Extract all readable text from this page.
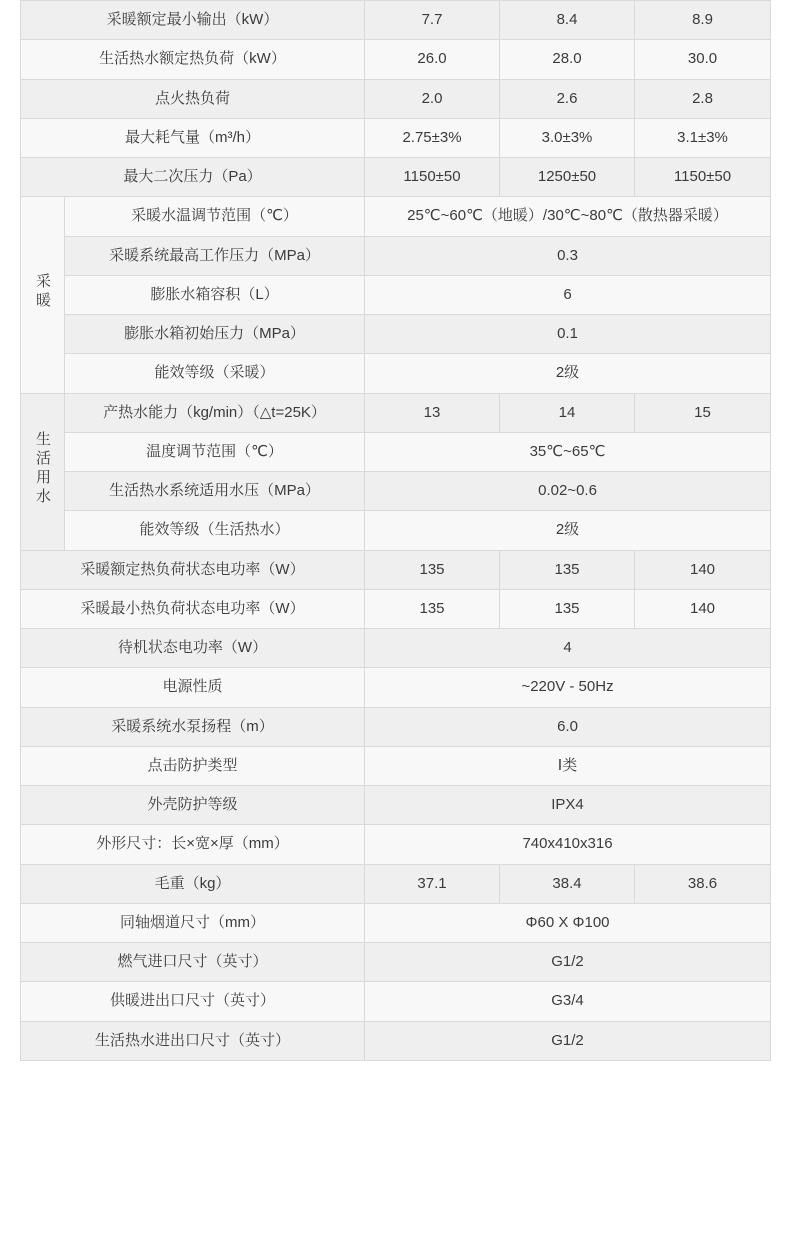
采暖额定最小输出（kW）		7.7	8.4	8.9
生活热水额定热负荷（kW）		26.0	28.0	30.0
点火热负荷		2.0	2.6	2.8
最大耗气量（m³/h）		2.75±3%	3.0±3%	3.1±3%
最大二次压力（Pa）		1150±50	1250±50	1150±50
采暖	采暖水温调节范围（℃）	25℃~60℃（地暖）/30℃~80℃（散热器采暖）		
	采暖系统最高工作压力（MPa）	0.3		
	膨胀水箱容积（L）	6		
	膨胀水箱初始压力（MPa）	0.1		
	能效等级（采暖）	2级		
生活用水	产热水能力（kg/min）（△t=25K）	13	14	15
	温度调节范围（℃）	35℃~65℃		
	生活热水系统适用水压（MPa）	0.02~0.6		
	能效等级（生活热水）	2级		
采暖额定热负荷状态电功率（W）		135	135	140
采暖最小热负荷状态电功率（W）		135	135	140
待机状态电功率（W）		4		
电源性质		~220V - 50Hz		
采暖系统水泵扬程（m）		6.0		
点击防护类型		Ⅰ类		
外壳防护等级		IPX4		
外形尺寸：长×宽×厚（mm）		740x410x316		
毛重（kg）		37.1	38.4	38.6
同轴烟道尺寸（mm）		Φ60 X Φ100		
燃气进口尺寸（英寸）		G1/2		
供暖进出口尺寸（英寸）		G3/4		
生活热水进出口尺寸（英寸）		G1/2		
